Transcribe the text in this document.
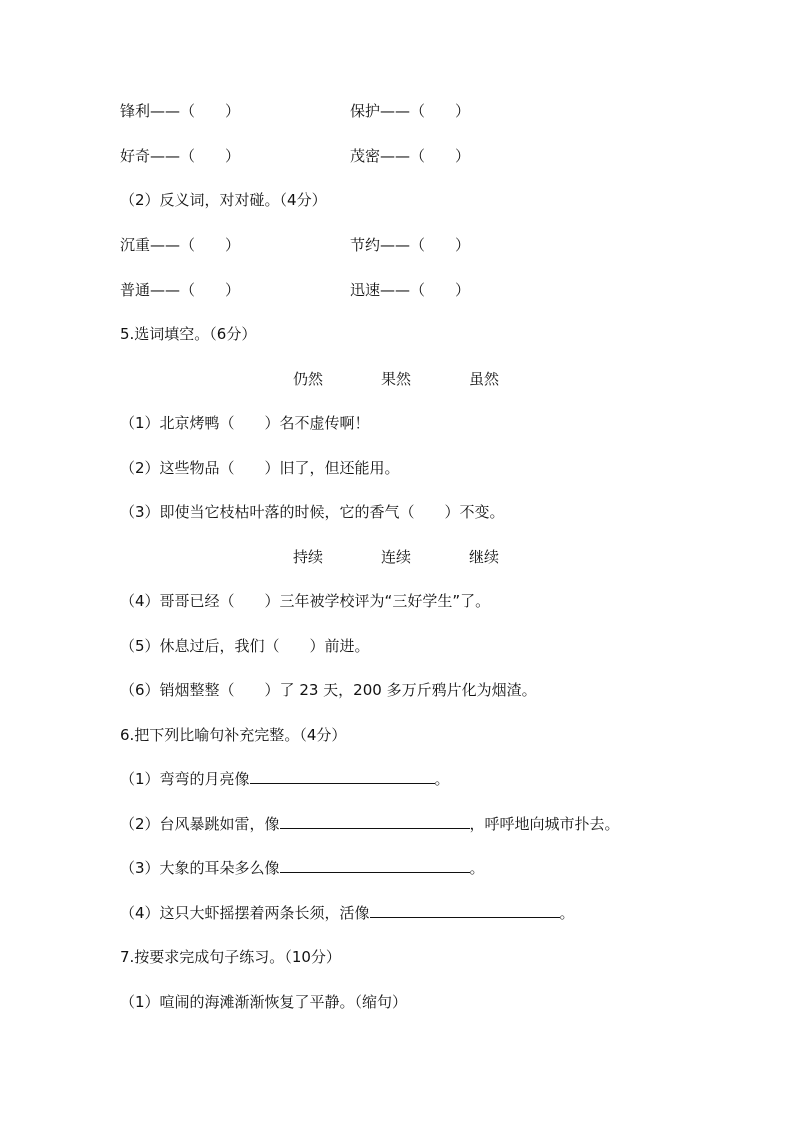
锋利——（　　）	保护——（　　）
好奇——（　　）	茂密——（　　）
（2）反义词，对对碰。（4分）
沉重——（　　）	节约——（　　）
普通——（　　）	迅速——（　　）
5.选词填空。（6分）
仍然	果然	虽然
（1）北京烤鸭（　　）名不虚传啊！
（2）这些物品（　　）旧了，但还能用。
（3）即使当它枝枯叶落的时候，它的香气（　　）不变。
持续	连续	继续
（4）哥哥已经（　　）三年被学校评为“三好学生”了。
（5）休息过后，我们（　　）前进。
（6）销烟整整（　　）了 23 天，200 多万斤鸦片化为烟渣。
6.把下列比喻句补充完整。（4分）
（1）弯弯的月亮像	。
（2）台风暴跳如雷，像	，呼呼地向城市扑去。
（3）大象的耳朵多么像	。
（4）这只大虾摇摆着两条长须，活像	。
7.按要求完成句子练习。（10分）
（1）喧闹的海滩渐渐恢复了平静。（缩句）
